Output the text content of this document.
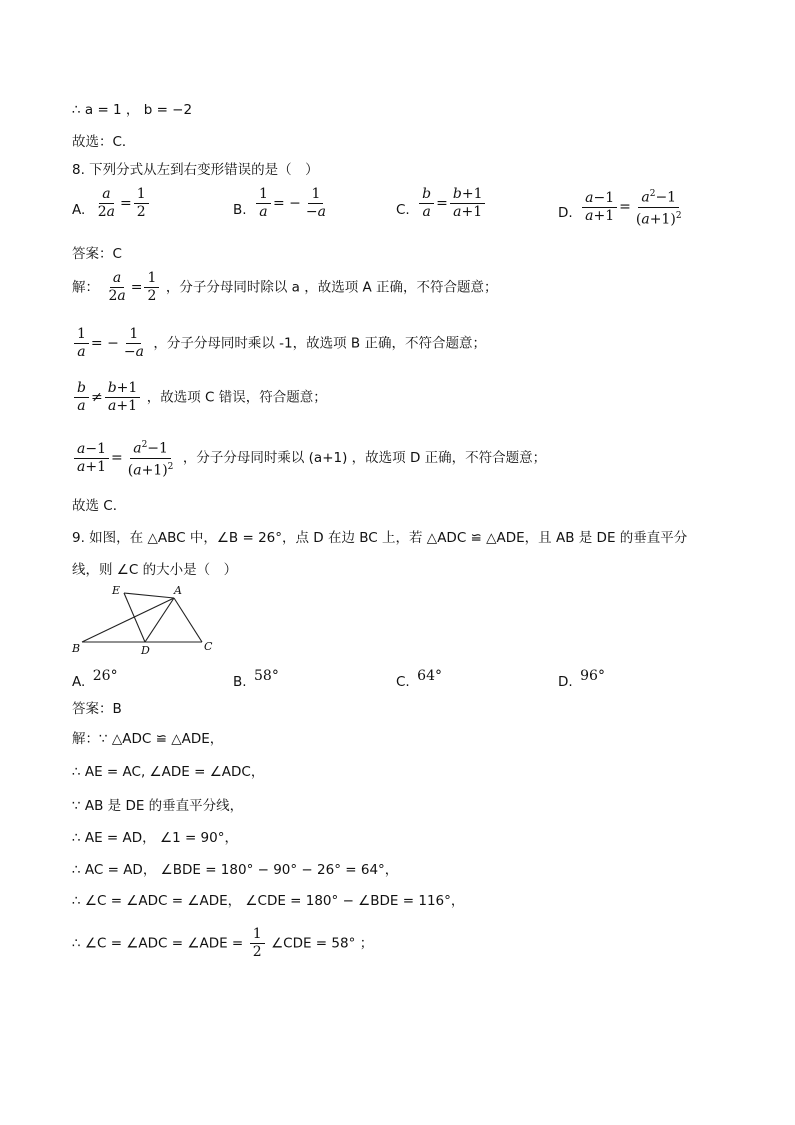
∴ a = 1 ， b = −2
故选：C．
8. 下列分式从左到右变形错误的是（　）
A. $\frac{a}{2a} = \frac{1}{2}$	B. $\frac{1}{a}$ = − $\frac{1}{-a}$	C. $\frac{b}{a} = \frac{b+1}{a+1}$	D. $\frac{a-1}{a+1} = \frac{a^2-1}{(a+1)^2}$
答案：C
解： $\frac{a}{2a} = \frac{1}{2}$ ，分子分母同时除以 a ，故选项 A 正确，不符合题意；
$\frac{1}{a}$ = − $\frac{1}{-a}$ ，分子分母同时乘以 -1，故选项 B 正确，不符合题意；
$\frac{b}{a} \ne \frac{b+1}{a+1}$ ，故选项 C 错误，符合题意；
$\frac{a-1}{a+1} = \frac{a^2-1}{(a+1)^2}$ ，分子分母同时乘以 (a+1) ，故选项 D 正确，不符合题意；
故选 C．
9. 如图，在 △ABC 中，∠B = 26°，点 D 在边 BC 上，若 △ADC ≌ △ADE，且 AB 是 DE 的垂直平分
线，则 ∠C 的大小是（　）
E	A
B	D	C
A. 26°	B. 58°	C. 64°	D. 96°
答案：B
解：∵ △ADC ≌ △ADE，
∴ AE = AC, ∠ADE = ∠ADC，
∵ AB 是 DE 的垂直平分线，
∴ AE = AD， ∠1 = 90°，
∴ AC = AD， ∠BDE = 180° − 90° − 26° = 64°，
∴ ∠C = ∠ADC = ∠ADE， ∠CDE = 180° − ∠BDE = 116°，
∴ ∠C = ∠ADC = ∠ADE = $\frac{1}{2}$ ∠CDE = 58° ；
